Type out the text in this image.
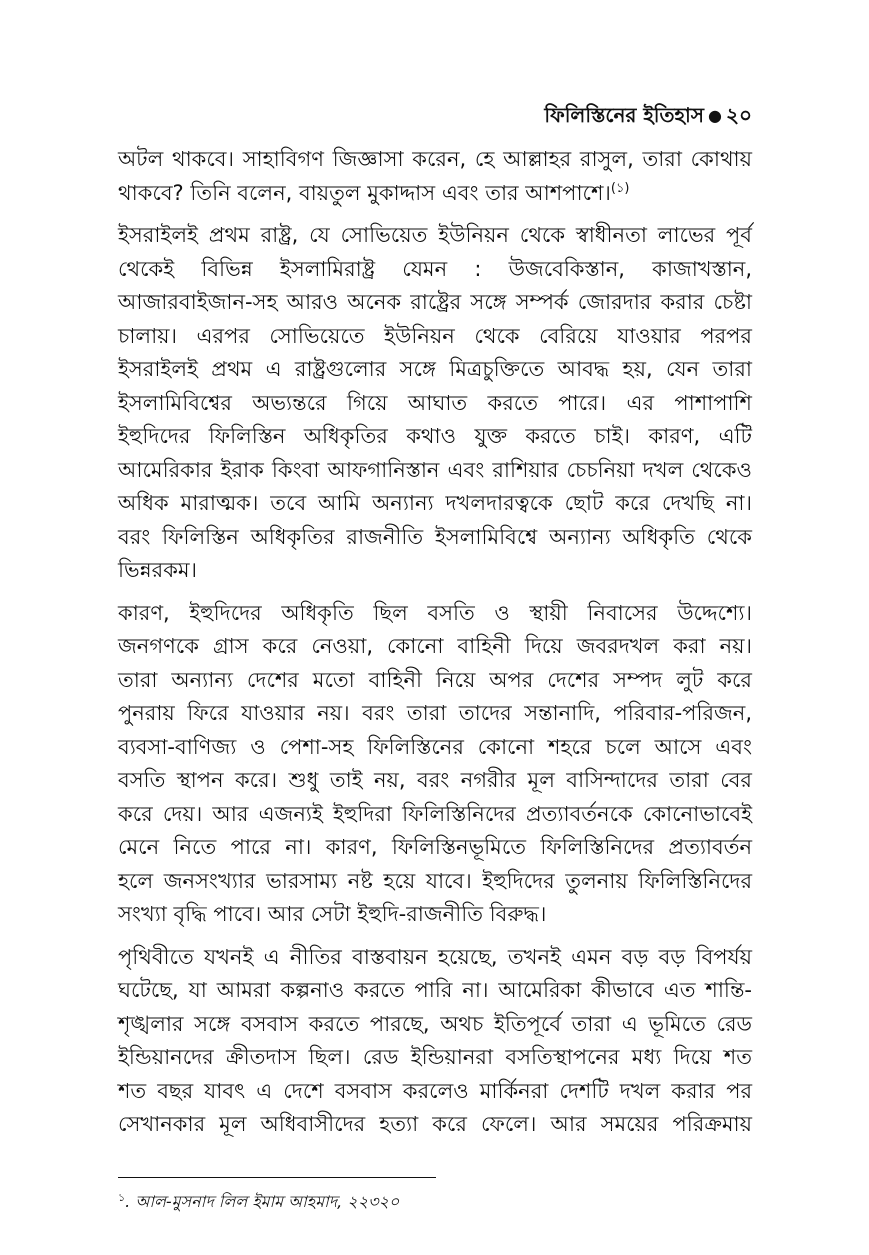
ফিলিস্তিনের ইতিহাস ● ২০
অটল থাকবে। সাহাবিগণ জিজ্ঞাসা করেন, হে আল্লাহর রাসুল, তারা কোথায়
থাকবে? তিনি বলেন, বায়তুল মুকাদ্দাস এবং তার আশপাশে।$^{(১)}$
ইসরাইলই প্রথম রাষ্ট্র, যে সোভিয়েত ইউনিয়ন থেকে স্বাধীনতা লাভের পূর্ব
থেকেই বিভিন্ন ইসলামিরাষ্ট্র যেমন : উজবেকিস্তান, কাজাখস্তান,
আজারবাইজান-সহ আরও অনেক রাষ্ট্রের সঙ্গে সম্পর্ক জোরদার করার চেষ্টা
চালায়। এরপর সোভিয়েতে ইউনিয়ন থেকে বেরিয়ে যাওয়ার পরপর
ইসরাইলই প্রথম এ রাষ্ট্রগুলোর সঙ্গে মিত্রচুক্তিতে আবদ্ধ হয়, যেন তারা
ইসলামিবিশ্বের অভ্যন্তরে গিয়ে আঘাত করতে পারে। এর পাশাপাশি
ইহুদিদের ফিলিস্তিন অধিকৃতির কথাও যুক্ত করতে চাই। কারণ, এটি
আমেরিকার ইরাক কিংবা আফগানিস্তান এবং রাশিয়ার চেচনিয়া দখল থেকেও
অধিক মারাত্মক। তবে আমি অন্যান্য দখলদারত্বকে ছোট করে দেখছি না।
বরং ফিলিস্তিন অধিকৃতির রাজনীতি ইসলামিবিশ্বে অন্যান্য অধিকৃতি থেকে
ভিন্নরকম।
কারণ, ইহুদিদের অধিকৃতি ছিল বসতি ও স্থায়ী নিবাসের উদ্দেশ্যে।
জনগণকে গ্রাস করে নেওয়া, কোনো বাহিনী দিয়ে জবরদখল করা নয়।
তারা অন্যান্য দেশের মতো বাহিনী নিয়ে অপর দেশের সম্পদ লুট করে
পুনরায় ফিরে যাওয়ার নয়। বরং তারা তাদের সন্তানাদি, পরিবার-পরিজন,
ব্যবসা-বাণিজ্য ও পেশা-সহ ফিলিস্তিনের কোনো শহরে চলে আসে এবং
বসতি স্থাপন করে। শুধু তাই নয়, বরং নগরীর মূল বাসিন্দাদের তারা বের
করে দেয়। আর এজন্যই ইহুদিরা ফিলিস্তিনিদের প্রত্যাবর্তনকে কোনোভাবেই
মেনে নিতে পারে না। কারণ, ফিলিস্তিনভূমিতে ফিলিস্তিনিদের প্রত্যাবর্তন
হলে জনসংখ্যার ভারসাম্য নষ্ট হয়ে যাবে। ইহুদিদের তুলনায় ফিলিস্তিনিদের
সংখ্যা বৃদ্ধি পাবে। আর সেটা ইহুদি-রাজনীতি বিরুদ্ধ।
পৃথিবীতে যখনই এ নীতির বাস্তবায়ন হয়েছে, তখনই এমন বড় বড় বিপর্যয়
ঘটেছে, যা আমরা কল্পনাও করতে পারি না। আমেরিকা কীভাবে এত শান্তি-
শৃঙ্খলার সঙ্গে বসবাস করতে পারছে, অথচ ইতিপূর্বে তারা এ ভূমিতে রেড
ইন্ডিয়ানদের ক্রীতদাস ছিল। রেড ইন্ডিয়ানরা বসতিস্থাপনের মধ্য দিয়ে শত
শত বছর যাবৎ এ দেশে বসবাস করলেও মার্কিনরা দেশটি দখল করার পর
সেখানকার মূল অধিবাসীদের হত্যা করে ফেলে। আর সময়ের পরিক্রমায়
$^১$. আল-মুসনাদ লিল ইমাম আহমাদ, ২২৩২০
